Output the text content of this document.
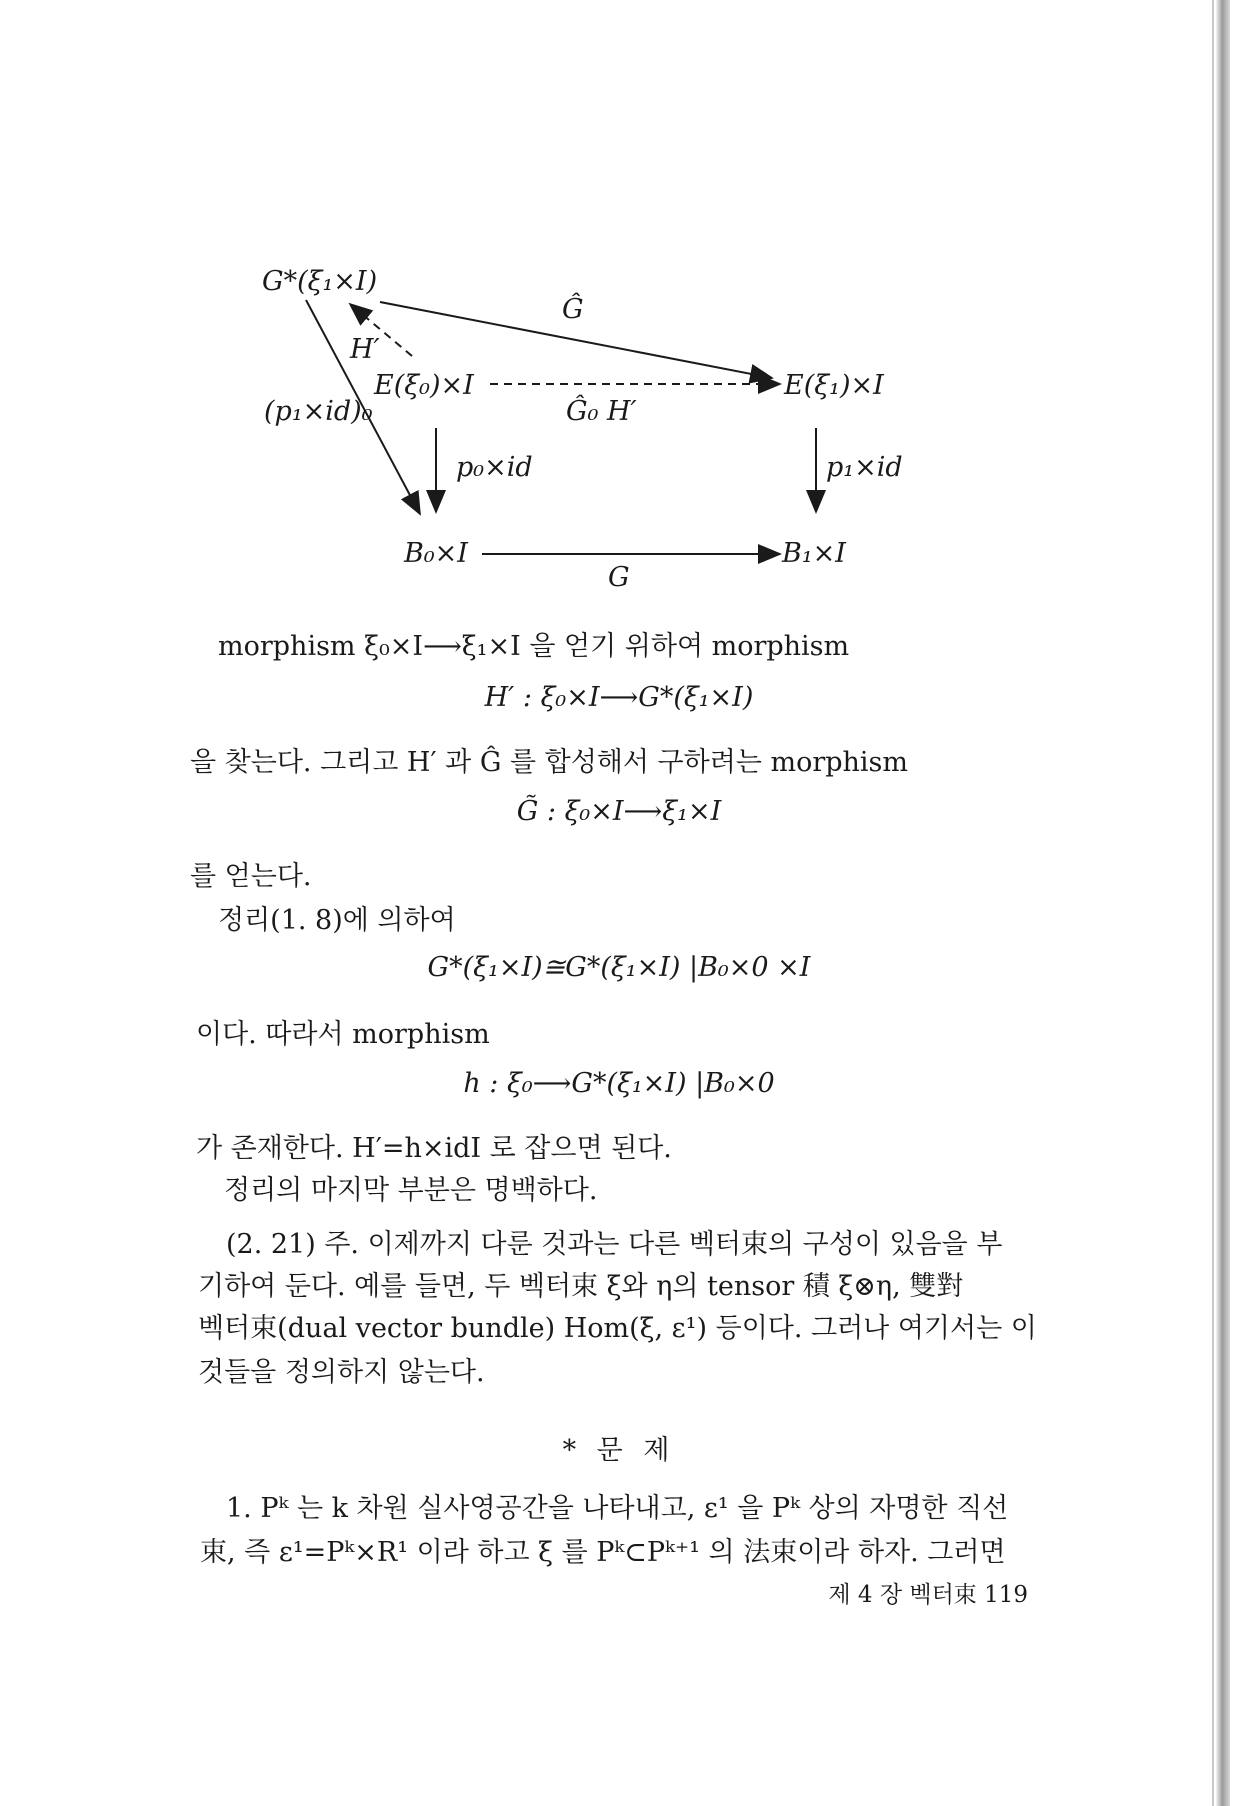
G*(ξ₁×I)
Ĝ
H′
E(ξ₀)×I	E(ξ₁)×I
Ĝ₀ H′
(p₁×id)₀
p₀×id	p₁×id
B₀×I	B₁×I
G
morphism ξ₀×I⟶ξ₁×I 을 얻기 위하여 morphism
H′ : ξ₀×I⟶G*(ξ₁×I)
을 찾는다. 그리고 H′ 과 Ĝ 를 합성해서 구하려는 morphism
G̃ : ξ₀×I⟶ξ₁×I
를 얻는다.
정리(1. 8)에 의하여
G*(ξ₁×I)≅G*(ξ₁×I) |B₀×0 ×I
이다. 따라서 morphism
h : ξ₀⟶G*(ξ₁×I) |B₀×0
가 존재한다. H′=h×idI 로 잡으면 된다.
정리의 마지막 부분은 명백하다.
(2. 21) 주. 이제까지 다룬 것과는 다른 벡터束의 구성이 있음을 부
기하여 둔다. 예를 들면, 두 벡터束 ξ와 η의 tensor 積 ξ⊗η, 雙對
벡터束(dual vector bundle) Hom(ξ, ε¹) 등이다. 그러나 여기서는 이
것들을 정의하지 않는다.
* 문 제
1. Pᵏ 는 k 차원 실사영공간을 나타내고, ε¹ 을 Pᵏ 상의 자명한 직선
束, 즉 ε¹=Pᵏ×R¹ 이라 하고 ξ 를 Pᵏ⊂Pᵏ⁺¹ 의 法束이라 하자. 그러면
제 4 장 벡터束 119
